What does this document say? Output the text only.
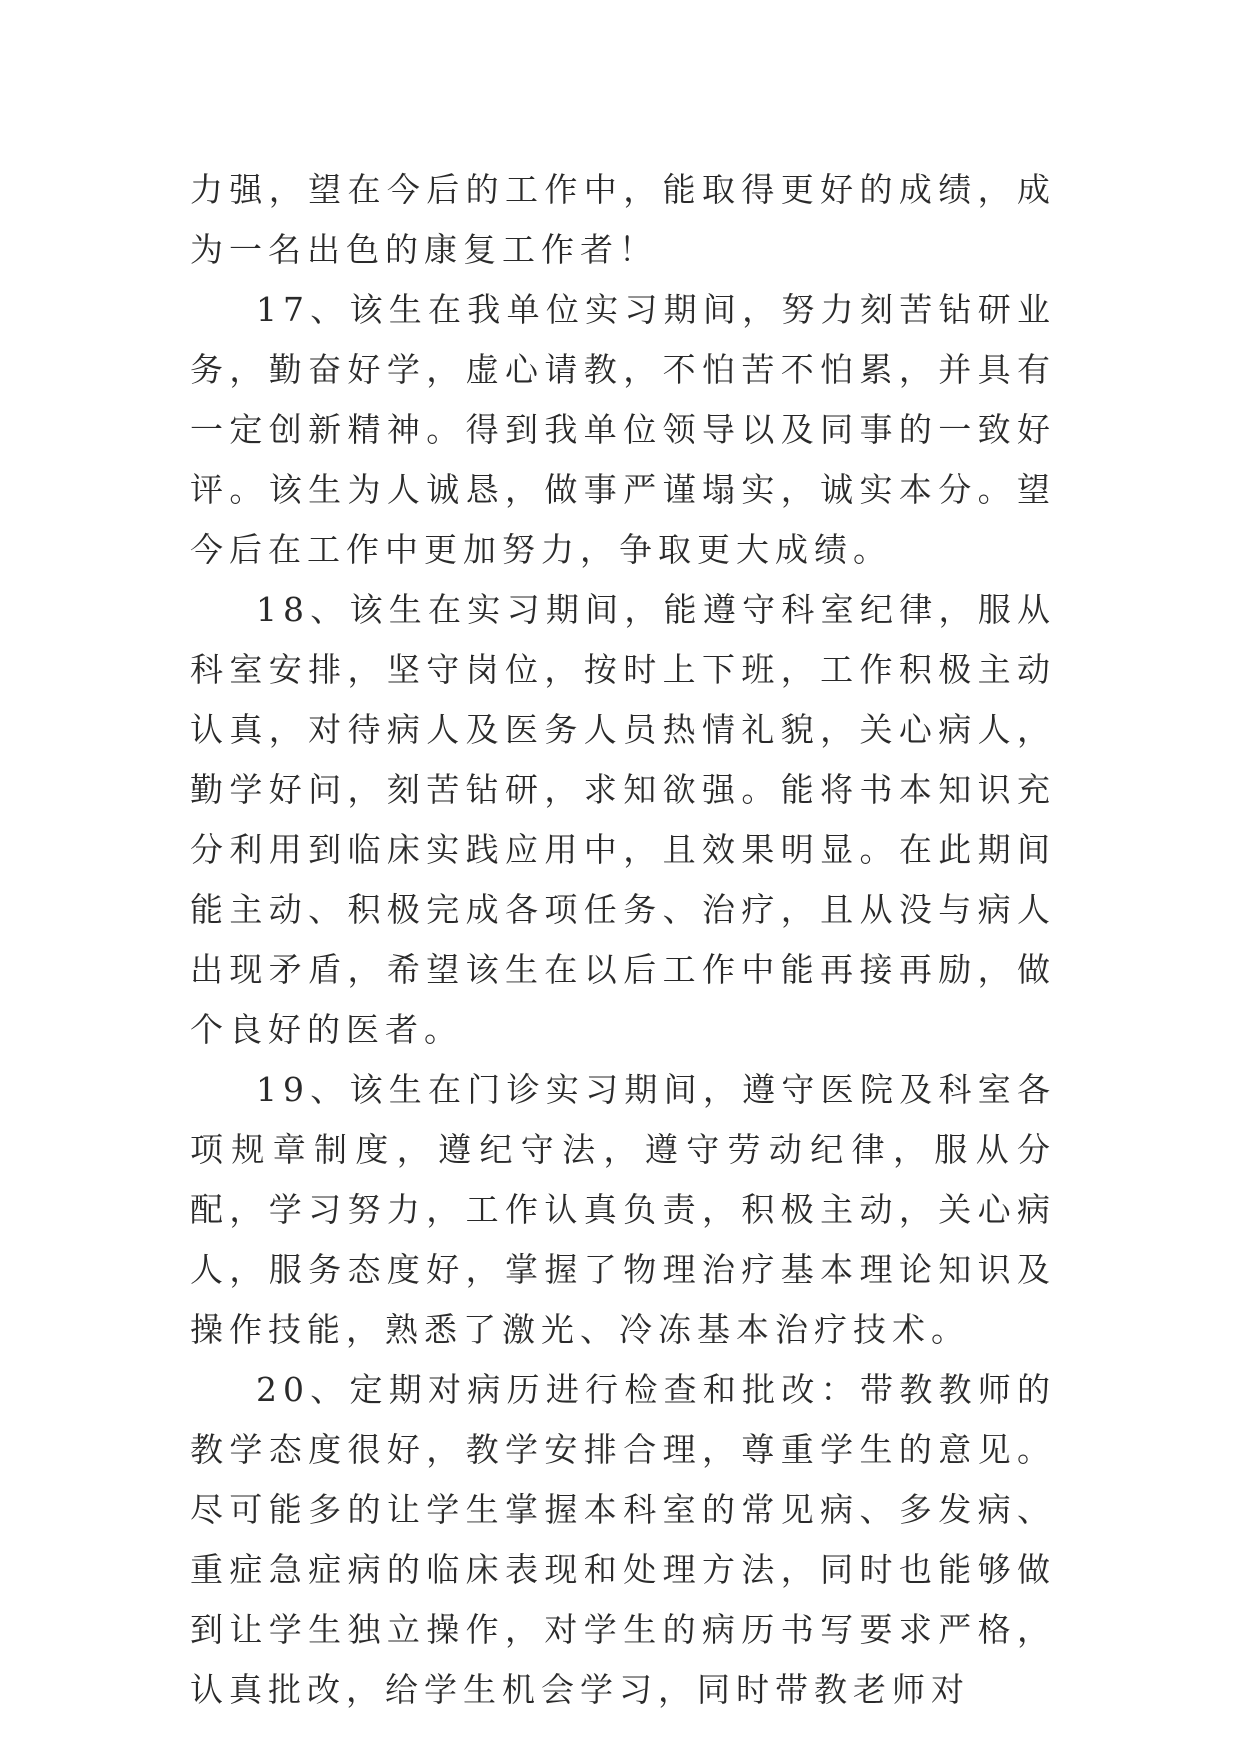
力强，望在今后的工作中，能取得更好的成绩，成为一名出色的康复工作者！

17、该生在我单位实习期间，努力刻苦钻研业务，勤奋好学，虚心请教，不怕苦不怕累，并具有一定创新精神。得到我单位领导以及同事的一致好评。该生为人诚恳，做事严谨塌实，诚实本分。望今后在工作中更加努力，争取更大成绩。

18、该生在实习期间，能遵守科室纪律，服从科室安排，坚守岗位，按时上下班，工作积极主动认真，对待病人及医务人员热情礼貌，关心病人，勤学好问，刻苦钻研，求知欲强。能将书本知识充分利用到临床实践应用中，且效果明显。在此期间能主动、积极完成各项任务、治疗，且从没与病人出现矛盾，希望该生在以后工作中能再接再励，做个良好的医者。

19、该生在门诊实习期间，遵守医院及科室各项规章制度，遵纪守法，遵守劳动纪律，服从分配，学习努力，工作认真负责，积极主动，关心病人，服务态度好，掌握了物理治疗基本理论知识及操作技能，熟悉了激光、冷冻基本治疗技术。

20、定期对病历进行检查和批改：带教教师的教学态度很好，教学安排合理，尊重学生的意见。尽可能多的让学生掌握本科室的常见病、多发病、重症急症病的临床表现和处理方法，同时也能够做到让学生独立操作，对学生的病历书写要求严格，认真批改，给学生机会学习，同时带教老师对
